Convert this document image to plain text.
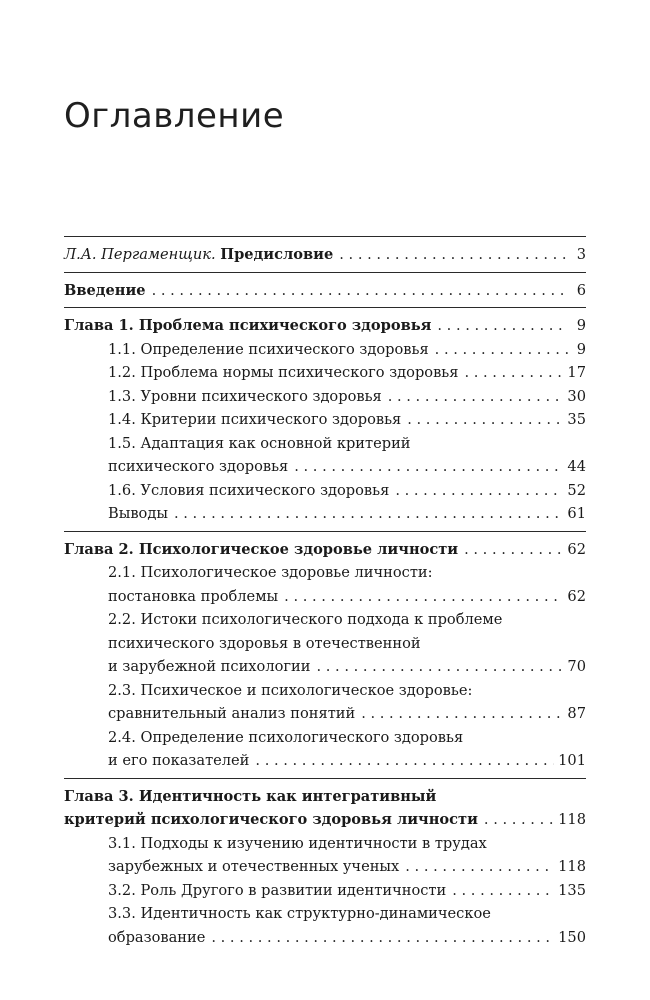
Оглавление
Л.А. Пергаменщик. Предисловие . . .	3
Введение . . .	6
Глава 1. Проблема психического здоровья . . .	9
1.1. Определение психического здоровья . . .	9
1.2. Проблема нормы психического здоровья . . .	17
1.3. Уровни психического здоровья . . .	30
1.4. Критерии психического здоровья . . .	35
1.5. Адаптация как основной критерий
психического здоровья . . .	44
1.6. Условия психического здоровья . . .	52
Выводы . . .	61
Глава 2. Психологическое здоровье личности . . .	62
2.1. Психологическое здоровье личности:
постановка проблемы . . .	62
2.2. Истоки психологического подхода к проблеме
психического здоровья в отечественной
и зарубежной психологии . . .	70
2.3. Психическое и психологическое здоровье:
сравнительный анализ понятий . . .	87
2.4. Определение психологического здоровья
и его показателей . . .	101
Глава 3. Идентичность как интегративный
критерий психологического здоровья личности . . .	118
3.1. Подходы к изучению идентичности в трудах
зарубежных и отечественных ученых . . .	118
3.2. Роль Другого в развитии идентичности . . .	135
3.3. Идентичность как структурно-динамическое
образование . . .	150
